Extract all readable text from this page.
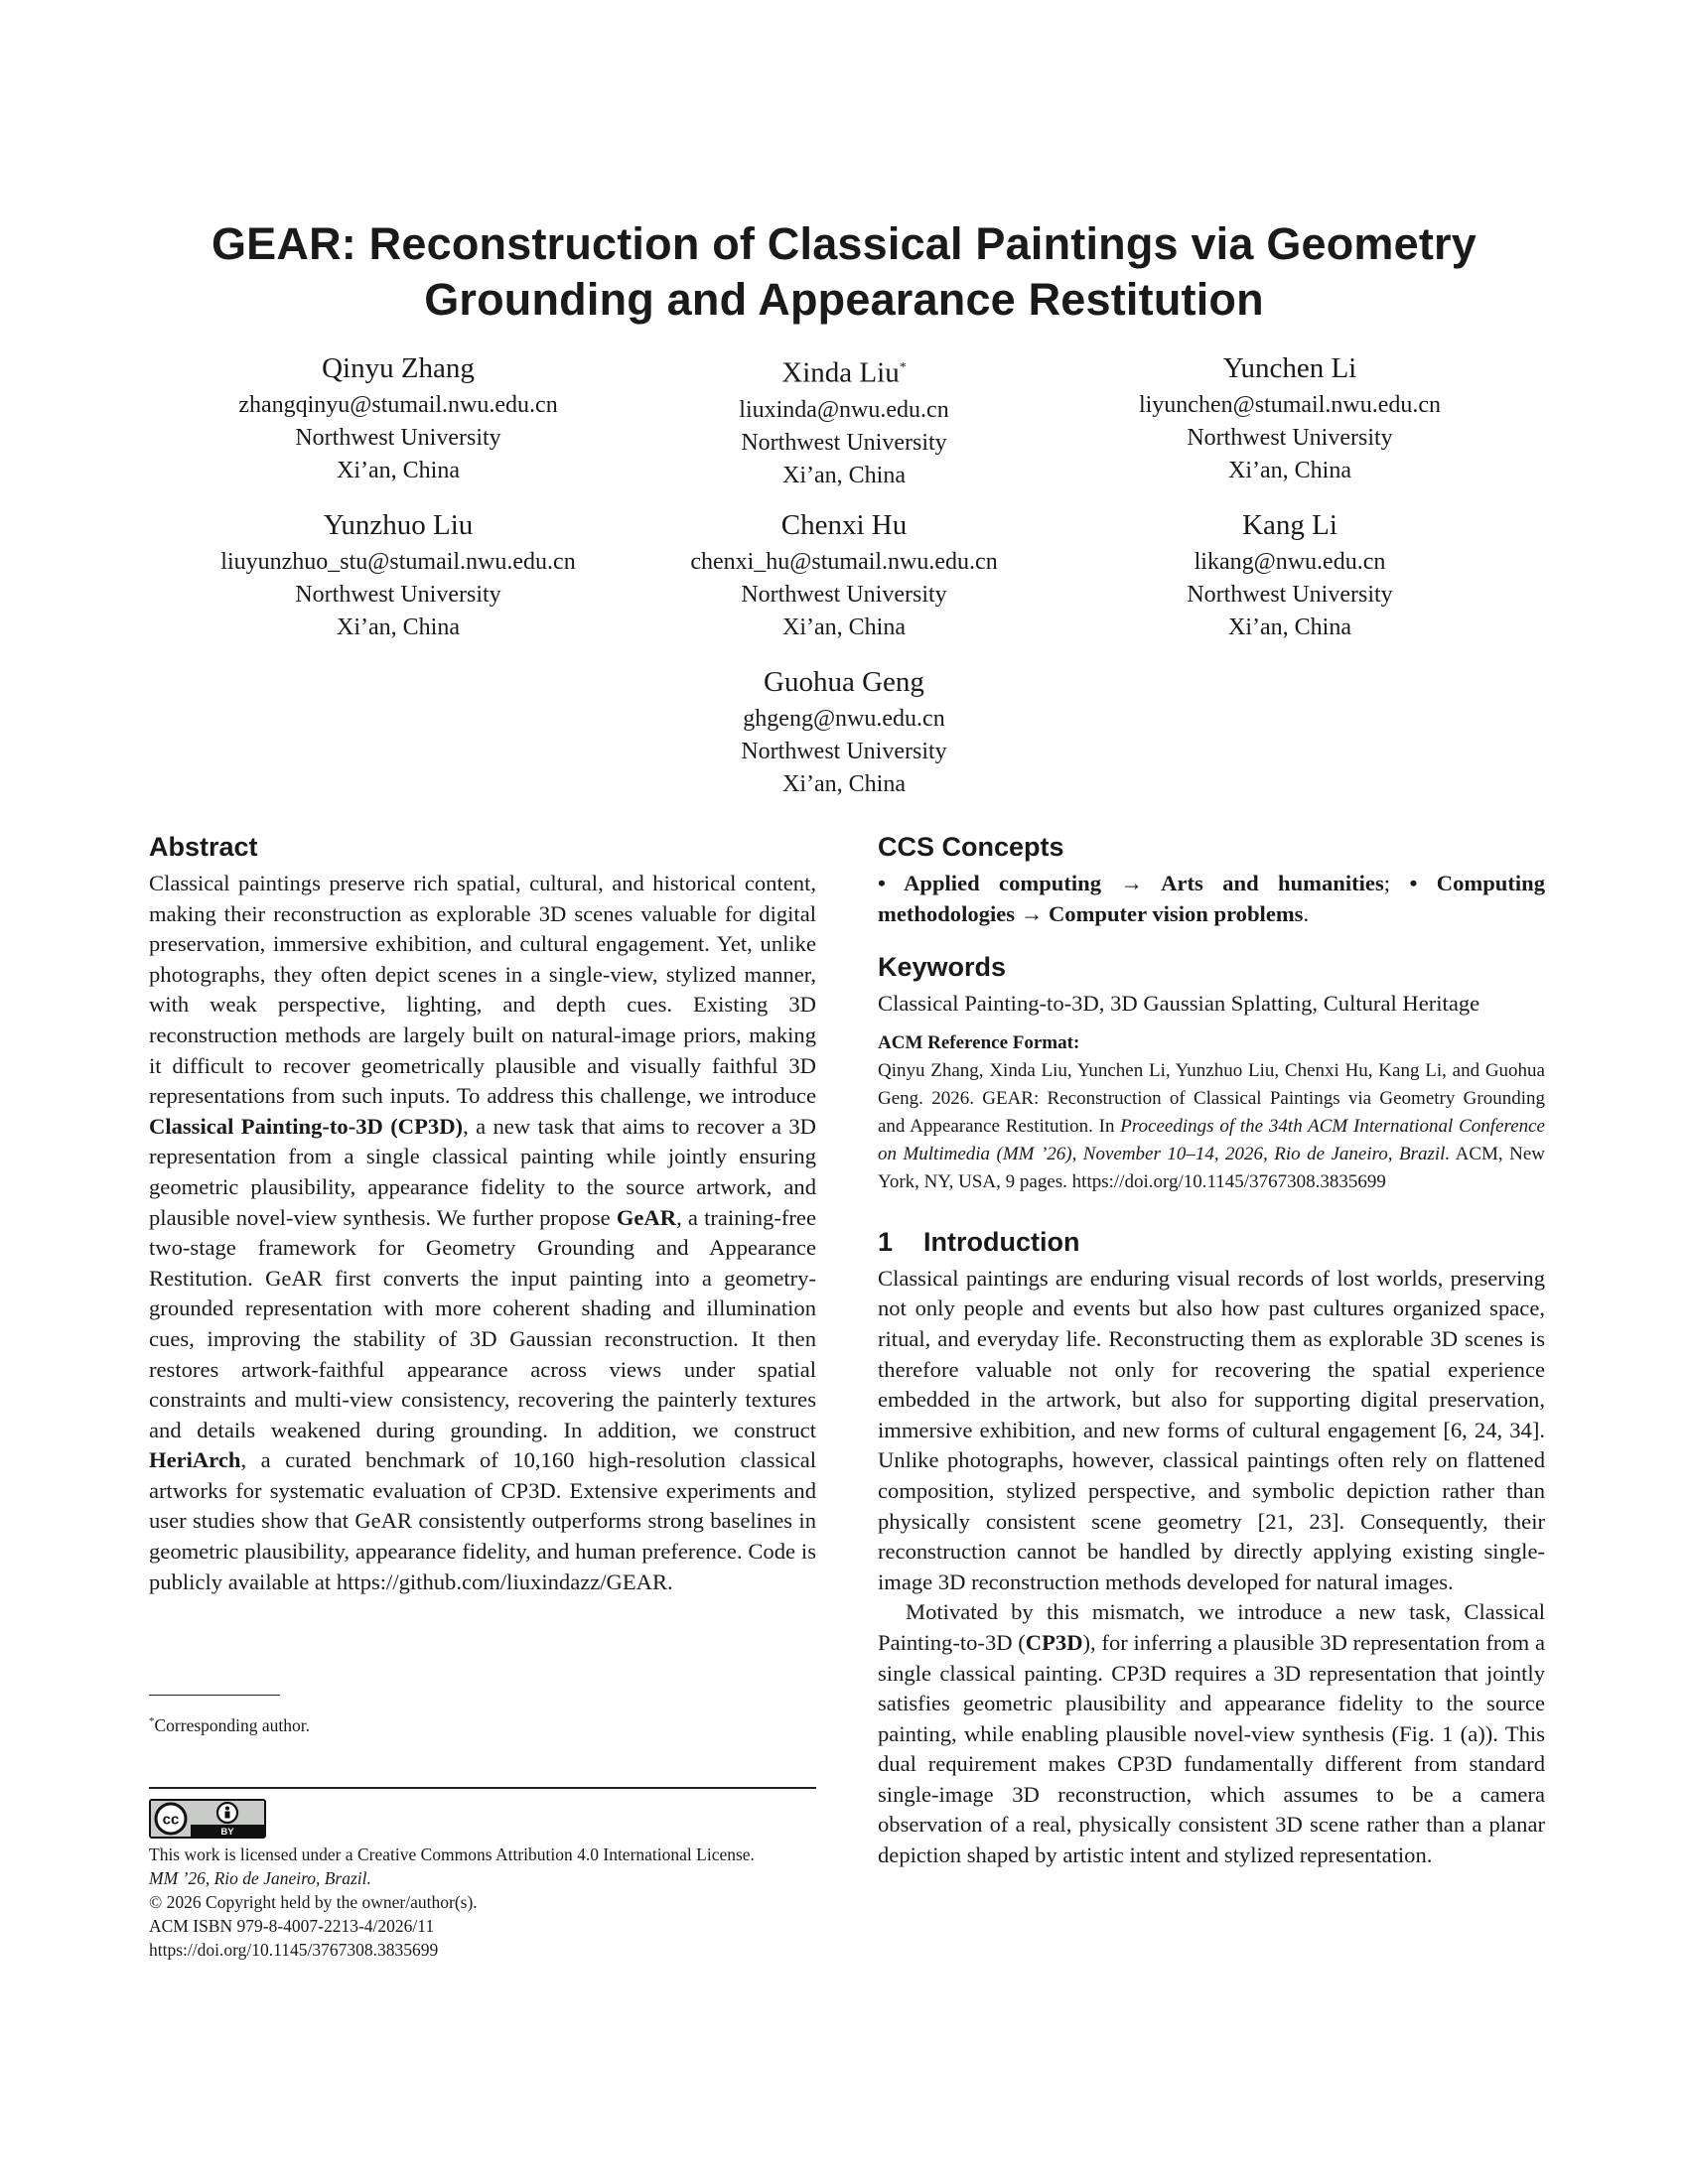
GEAR: Reconstruction of Classical Paintings via Geometry
Grounding and Appearance Restitution
Qinyu Zhang
zhangqinyu@stumail.nwu.edu.cn
Northwest University
Xi’an, China
Xinda Liu*
liuxinda@nwu.edu.cn
Northwest University
Xi’an, China
Yunchen Li
liyunchen@stumail.nwu.edu.cn
Northwest University
Xi’an, China
Yunzhuo Liu
liuyunzhuo_stu@stumail.nwu.edu.cn
Northwest University
Xi’an, China
Chenxi Hu
chenxi_hu@stumail.nwu.edu.cn
Northwest University
Xi’an, China
Kang Li
likang@nwu.edu.cn
Northwest University
Xi’an, China
Guohua Geng
ghgeng@nwu.edu.cn
Northwest University
Xi’an, China
Abstract

Classical paintings preserve rich spatial, cultural, and historical content, making their reconstruction as explorable 3D scenes valuable for digital preservation, immersive exhibition, and cultural engagement. Yet, unlike photographs, they often depict scenes in a single-view, stylized manner, with weak perspective, lighting, and depth cues. Existing 3D reconstruction methods are largely built on natural-image priors, making it difficult to recover geometrically plausible and visually faithful 3D representations from such inputs. To address this challenge, we introduce Classical Painting-to-3D (CP3D), a new task that aims to recover a 3D representation from a single classical painting while jointly ensuring geometric plausibility, appearance fidelity to the source artwork, and plausible novel-view synthesis. We further propose GeAR, a training-free two-stage framework for Geometry Grounding and Appearance Restitution. GeAR first converts the input painting into a geometry-grounded representation with more coherent shading and illumination cues, improving the stability of 3D Gaussian reconstruction. It then restores artwork-faithful appearance across views under spatial constraints and multi-view consistency, recovering the painterly textures and details weakened during grounding. In addition, we construct HeriArch, a curated benchmark of 10,160 high-resolution classical artworks for systematic evaluation of CP3D. Extensive experiments and user studies show that GeAR consistently outperforms strong baselines in geometric plausibility, appearance fidelity, and human preference. Code is publicly available at https://github.com/liuxindazz/GEAR.

*Corresponding author.
cc
BY
This work is licensed under a Creative Commons Attribution 4.0 International License.
MM ’26, Rio de Janeiro, Brazil.
© 2026 Copyright held by the owner/author(s).
ACM ISBN 979-8-4007-2213-4/2026/11
https://doi.org/10.1145/3767308.3835699
CCS Concepts

• Applied computing → Arts and humanities; • Computing methodologies → Computer vision problems.

Keywords

Classical Painting-to-3D, 3D Gaussian Splatting, Cultural Heritage

ACM Reference Format:
Qinyu Zhang, Xinda Liu, Yunchen Li, Yunzhuo Liu, Chenxi Hu, Kang Li, and Guohua Geng. 2026. GEAR: Reconstruction of Classical Paintings via Geometry Grounding and Appearance Restitution. In Proceedings of the 34th ACM International Conference on Multimedia (MM ’26), November 10–14, 2026, Rio de Janeiro, Brazil. ACM, New York, NY, USA, 9 pages. https://doi.org/10.1145/3767308.3835699
1 Introduction

Classical paintings are enduring visual records of lost worlds, preserving not only people and events but also how past cultures organized space, ritual, and everyday life. Reconstructing them as explorable 3D scenes is therefore valuable not only for recovering the spatial experience embedded in the artwork, but also for supporting digital preservation, immersive exhibition, and new forms of cultural engagement [6, 24, 34]. Unlike photographs, however, classical paintings often rely on flattened composition, stylized perspective, and symbolic depiction rather than physically consistent scene geometry [21, 23]. Consequently, their reconstruction cannot be handled by directly applying existing single-image 3D reconstruction methods developed for natural images.

Motivated by this mismatch, we introduce a new task, Classical Painting-to-3D (CP3D), for inferring a plausible 3D representation from a single classical painting. CP3D requires a 3D representation that jointly satisfies geometric plausibility and appearance fidelity to the source painting, while enabling plausible novel-view synthesis (Fig. 1 (a)). This dual requirement makes CP3D fundamentally different from standard single-image 3D reconstruction, which assumes to be a camera observation of a real, physically consistent 3D scene rather than a planar depiction shaped by artistic intent and stylized representation.
